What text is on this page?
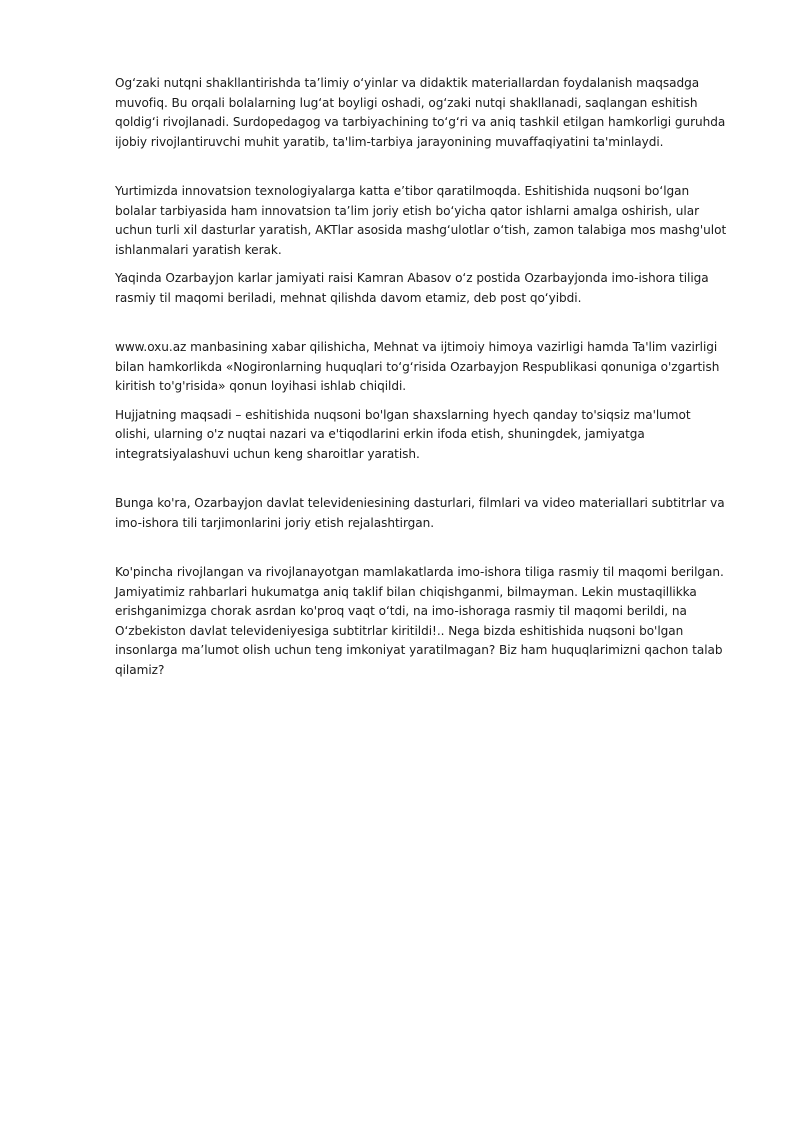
Og‘zaki nutqni shakllantirishda ta’limiy o‘yinlar va didaktik materiallardan foydalanish maqsadga muvofiq. Bu orqali bolalarning lug‘at boyligi oshadi, og‘zaki nutqi shakllanadi, saqlangan eshitish qoldig‘i rivojlanadi. Surdopedagog va tarbiyachining to‘g‘ri va aniq tashkil etilgan hamkorligi guruhda ijobiy rivojlantiruvchi muhit yaratib, ta'lim-tarbiya jarayonining muvaffaqiyatini ta'minlaydi.

Yurtimizda innovatsion texnologiyalarga katta e’tibor qaratilmoqda. Eshitishida nuqsoni bo‘lgan bolalar tarbiyasida ham innovatsion ta’lim joriy etish bo‘yicha qator ishlarni amalga oshirish, ular uchun turli xil dasturlar yaratish, AKTlar asosida mashg‘ulotlar o‘tish, zamon talabiga mos mashg'ulot ishlanmalari yaratish kerak.

Yaqinda Ozarbayjon karlar jamiyati raisi Kamran Abasov o‘z postida Ozarbayjonda imo-ishora tiliga rasmiy til maqomi beriladi, mehnat qilishda davom etamiz, deb post qo‘yibdi.

www.oxu.az manbasining xabar qilishicha, Mehnat va ijtimoiy himoya vazirligi hamda Ta'lim vazirligi bilan hamkorlikda «Nogironlarning huquqlari to‘g‘risida Ozarbayjon Respublikasi qonuniga o'zgartish kiritish to'g'risida» qonun loyihasi ishlab chiqildi.

Hujjatning maqsadi – eshitishida nuqsoni bo'lgan shaxslarning hyech qanday to'siqsiz ma'lumot olishi, ularning o'z nuqtai nazari va e'tiqodlarini erkin ifoda etish, shuningdek, jamiyatga integratsiyalashuvi uchun keng sharoitlar yaratish.

Bunga ko'ra, Ozarbayjon davlat televideniesining dasturlari, filmlari va video materiallari subtitrlar va imo-ishora tili tarjimonlarini joriy etish rejalashtirgan.

Ko'pincha rivojlangan va rivojlanayotgan mamlakatlarda imo-ishora tiliga rasmiy til maqomi berilgan. Jamiyatimiz rahbarlari hukumatga aniq taklif bilan chiqishganmi, bilmayman. Lekin mustaqillikka erishganimizga chorak asrdan ko'proq vaqt o‘tdi, na imo-ishoraga rasmiy til maqomi berildi, na O‘zbekiston davlat televideniyesiga subtitrlar kiritildi!.. Nega bizda eshitishida nuqsoni bo'lgan insonlarga ma’lumot olish uchun teng imkoniyat yaratilmagan? Biz ham huquqlarimizni qachon talab qilamiz?
